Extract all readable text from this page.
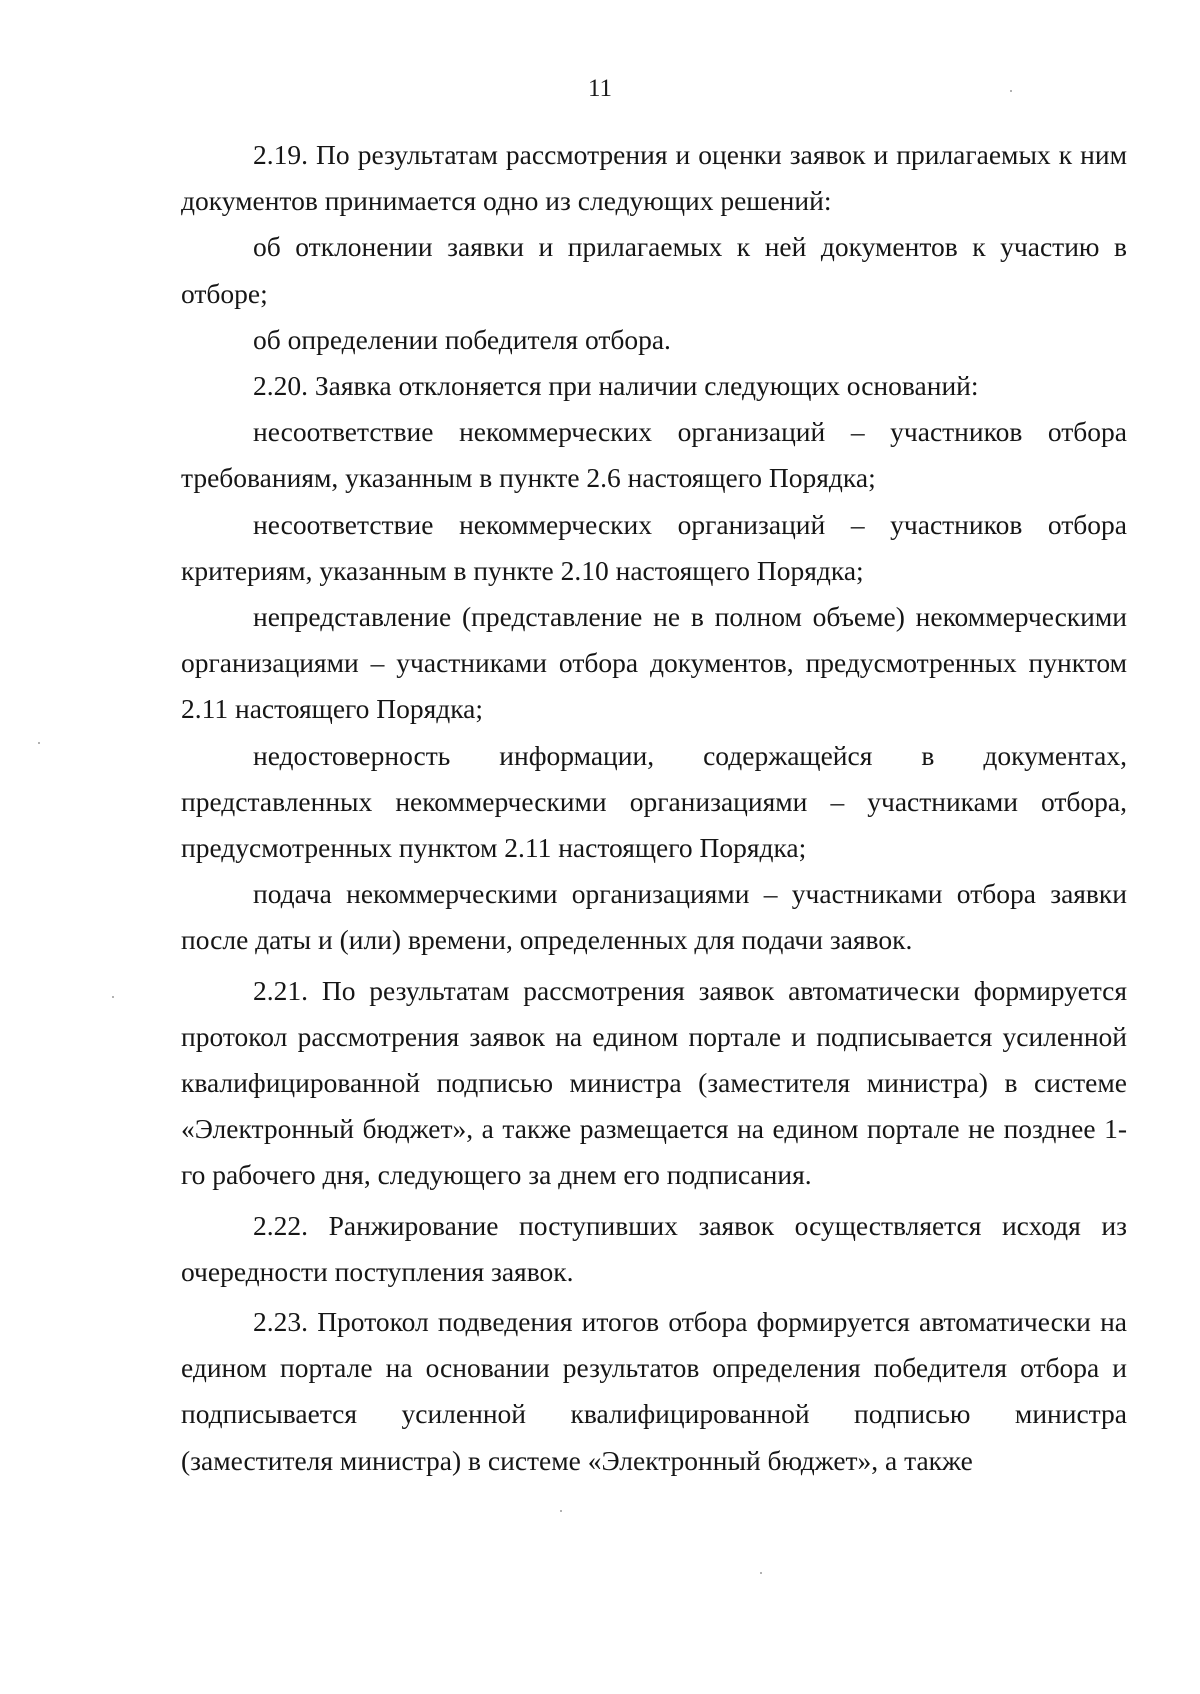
11

2.19. По результатам рассмотрения и оценки заявок и прилагаемых к ним документов принимается одно из следующих решений:

об отклонении заявки и прилагаемых к ней документов к участию в отборе;

об определении победителя отбора.

2.20. Заявка отклоняется при наличии следующих оснований:

несоответствие некоммерческих организаций – участников отбора требованиям, указанным в пункте 2.6 настоящего Порядка;

несоответствие некоммерческих организаций – участников отбора критериям, указанным в пункте 2.10 настоящего Порядка;

непредставление (представление не в полном объеме) некоммерческими организациями – участниками отбора документов, предусмотренных пунктом 2.11 настоящего Порядка;

недостоверность информации, содержащейся в документах, представленных некоммерческими организациями – участниками отбора, предусмотренных пунктом 2.11 настоящего Порядка;

подача некоммерческими организациями – участниками отбора заявки после даты и (или) времени, определенных для подачи заявок.

2.21. По результатам рассмотрения заявок автоматически формируется протокол рассмотрения заявок на едином портале и подписывается усиленной квалифицированной подписью министра (заместителя министра) в системе «Электронный бюджет», а также размещается на едином портале не позднее 1-го рабочего дня, следующего за днем его подписания.

2.22. Ранжирование поступивших заявок осуществляется исходя из очередности поступления заявок.

2.23. Протокол подведения итогов отбора формируется автоматически на едином портале на основании результатов определения победителя отбора и подписывается усиленной квалифицированной подписью министра (заместителя министра) в системе «Электронный бюджет», а также
